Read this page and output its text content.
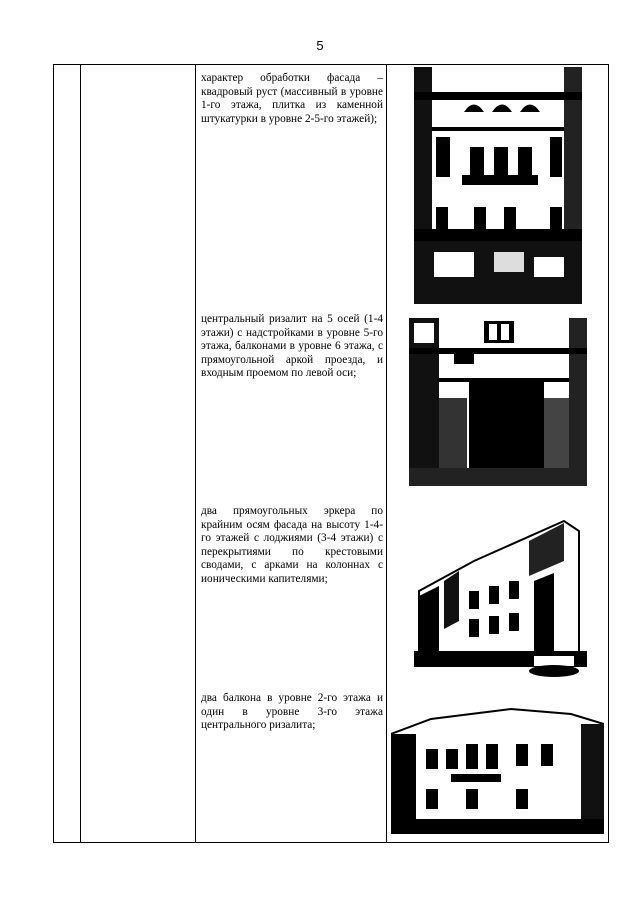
5
характер обработки фасада – квадровый руст (массивный в уровне 1-го этажа, плитка из каменной штукатурки в уровне 2-5-го этажей);
центральный ризалит на 5 осей (1-4 этажи) с надстройками в уровне 5-го этажа, балконами в уровне 6 этажа, с прямоугольной аркой проезда, и входным проемом по левой оси;
два прямоугольных эркера по крайним осям фасада на высоту 1-4-го этажей с лоджиями (3-4 этажи) с перекрытиями по крестовыми сводами, с арками на колоннах с ионическими капителями;
два балкона в уровне 2-го этажа и один в уровне 3-го этажа центрального ризалита;
